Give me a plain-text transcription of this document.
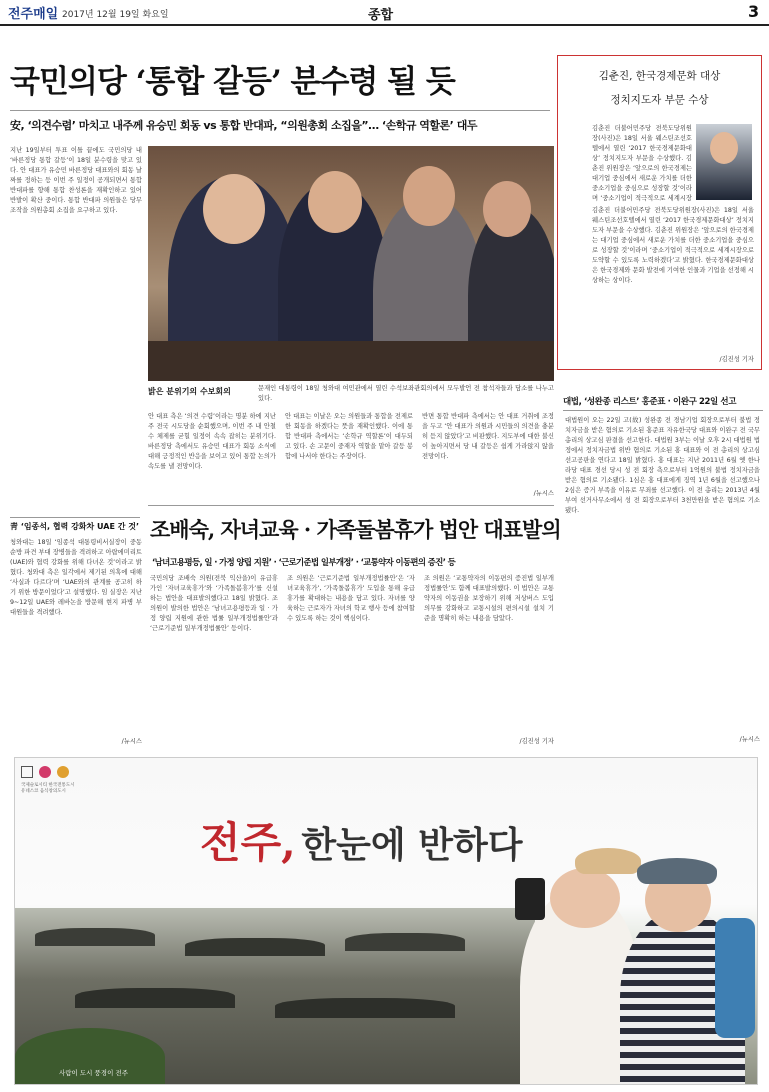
전주매일 2017년 12월 19일 화요일	종합	3
국민의당 ‘통합 갈등’ 분수령 될 듯
安, ‘의견수렴’ 마치고 내주께 유승민 회동 vs 통합 반대파, “의원총회 소집을”… ‘손학규 역할론’ 대두
지난 19일부터 투표 이틀 끝에도 국민의당 내 ‘바른정당 통합 갈등’이 18일 분수령을 맞고 있다. 안 대표가 유승민 바른정당 대표와의 회동 날짜를 정하는 등 이번 주 일정이 공개되면서 통합 반대파를 향해 통합 찬성론을 재확인하고 있어 반발이 확산 중이다. 통합 반대파 의원들은 당무 조작을 의원총회 소집을 요구하고 있다.
밝은 분위기의 수보회의	문재인 대통령이 18일 청와대 여민관에서 열린 수석보좌관회의에서 모두발언 전 참석자들과 담소를 나누고 있다.
안 대표 측은 ‘의견 수렴’이라는 명분 하에 지난주 전국 시도당을 순회했으며, 이번 주 내 안철수 체제를 굳힐 일정이 속속 잡히는 분위기다. 바른정당 측에서도 유승민 대표가 회동 소식에 대해 긍정적인 반응을 보이고 있어 통합 논의가 속도를 낼 전망이다.
안 대표는 이날은 오는 의원들과 통합을 전제로 한 회동을 하겠다는 뜻을 재확인했다. 이에 통합 반대파 측에서는 ‘손학규 역할론’이 대두되고 있다. 손 고문이 중재자 역할을 맡아 갈등 봉합에 나서야 한다는 주장이다.
반면 통합 반대파 측에서는 안 대표 거취에 조정을 두고 ‘안 대표가 의원과 시민들의 의견을 충분히 듣지 않았다’고 비판했다. 지도부에 대한 불신이 높아지면서 당 내 갈등은 쉽게 가라앉지 않을 전망이다.
/뉴시스
김춘진, 한국경제문화 대상
정치지도자 부문 수상
김춘진 더불어민주당 전북도당위원장(사진)은 18일 서울 웨스틴조선호텔에서 열린 ‘2017 한국경제문화대상’ 정치지도자 부문을 수상했다. 김춘진 위원장은 ‘앞으로의 한국경제는 대기업 중심에서 새로운 가치를 더한 중소기업을 중심으로 성장할 것’이라며 ‘중소기업이 적극적으로 세계시장
김춘진 더불어민주당 전북도당위원장(사진)은 18일 서울 웨스틴조선호텔에서 열린 ‘2017 한국경제문화대상’ 정치지도자 부문을 수상했다. 김춘진 위원장은 ‘앞으로의 한국경제는 대기업 중심에서 새로운 가치를 더한 중소기업을 중심으로 성장할 것’이라며 ‘중소기업이 적극적으로 세계시장으로 도약할 수 있도록 노력하겠다’고 밝혔다. 한국경제문화대상은 한국경제와 문화 발전에 기여한 인물과 기업을 선정해 시상하는 상이다.
/김진성 기자
대법, ‘성완종 리스트’ 홍준표 · 이완구 22일 선고
대법원이 오는 22일 고(故) 성완종 전 경남기업 회장으로부터 불법 정치자금을 받은 혐의로 기소된 홍준표 자유한국당 대표와 이완구 전 국무총리의 상고심 판결을 선고한다. 대법원 3부는 이날 오후 2시 대법원 법정에서 정치자금법 위반 혐의로 기소된 홍 대표와 이 전 총리의 상고심 선고공판을 연다고 18일 밝혔다. 홍 대표는 지난 2011년 6월 옛 한나라당 대표 경선 당시 성 전 회장 측으로부터 1억원의 불법 정치자금을 받은 혐의로 기소됐다. 1심은 홍 대표에게 징역 1년 6월을 선고했으나 2심은 증거 부족을 이유로 무죄를 선고했다. 이 전 총리는 2013년 4월 부여 선거사무소에서 성 전 회장으로부터 3천만원을 받은 혐의로 기소됐다.
/뉴시스
靑 ‘임종석, 협력 강화차 UAE 간 것’
청와대는 18일 ‘임종석 대통령비서실장이 중동 순방 파견 부대 장병들을 격려하고 아랍에미리트(UAE)와 협력 강화를 위해 다녀온 것’이라고 밝혔다. 청와대 측은 일각에서 제기된 의혹에 대해 ‘사실과 다르다’며 ‘UAE와의 관계를 공고히 하기 위한 방문이었다’고 설명했다. 임 실장은 지난 9~12일 UAE와 레바논을 방문해 현지 파병 부대원들을 격려했다.
/뉴시스
조배숙, 자녀교육 · 가족돌봄휴가 법안 대표발의
‘남녀고용평등, 일 · 가정 양립 지원’ · ‘근로기준법 일부개정’ · ‘교통약자 이동편의 증진’ 등
국민의당 조배숙 의원(전북 익산을)이 유급휴가인 ‘자녀교육휴가’와 ‘가족돌봄휴가’를 신설하는 법안을 대표발의했다고 18일 밝혔다. 조 의원이 발의한 법안은 ‘남녀고용평등과 일 · 가정 양립 지원에 관한 법률 일부개정법률안’과 ‘근로기준법 일부개정법률안’ 등이다.
조 의원은 ‘근로기준법 일부개정법률안’은 ‘자녀교육휴가’, ‘가족돌봄휴가’ 도입을 통해 유급휴가를 확대하는 내용을 담고 있다. 자녀를 양육하는 근로자가 자녀의 학교 행사 등에 참여할 수 있도록 하는 것이 핵심이다.
조 의원은 ‘교통약자의 이동편의 증진법 일부개정법률안’도 함께 대표발의했다. 이 법안은 교통약자의 이동권을 보장하기 위해 저상버스 도입 의무를 강화하고 교통시설의 편의시설 설치 기준을 명확히 하는 내용을 담았다.
/김진성 기자
국제슬로시티 한국전통도시
유네스코 음식창의도시
전주, 한눈에 반하다
사람이 도시 풍경이 전주
